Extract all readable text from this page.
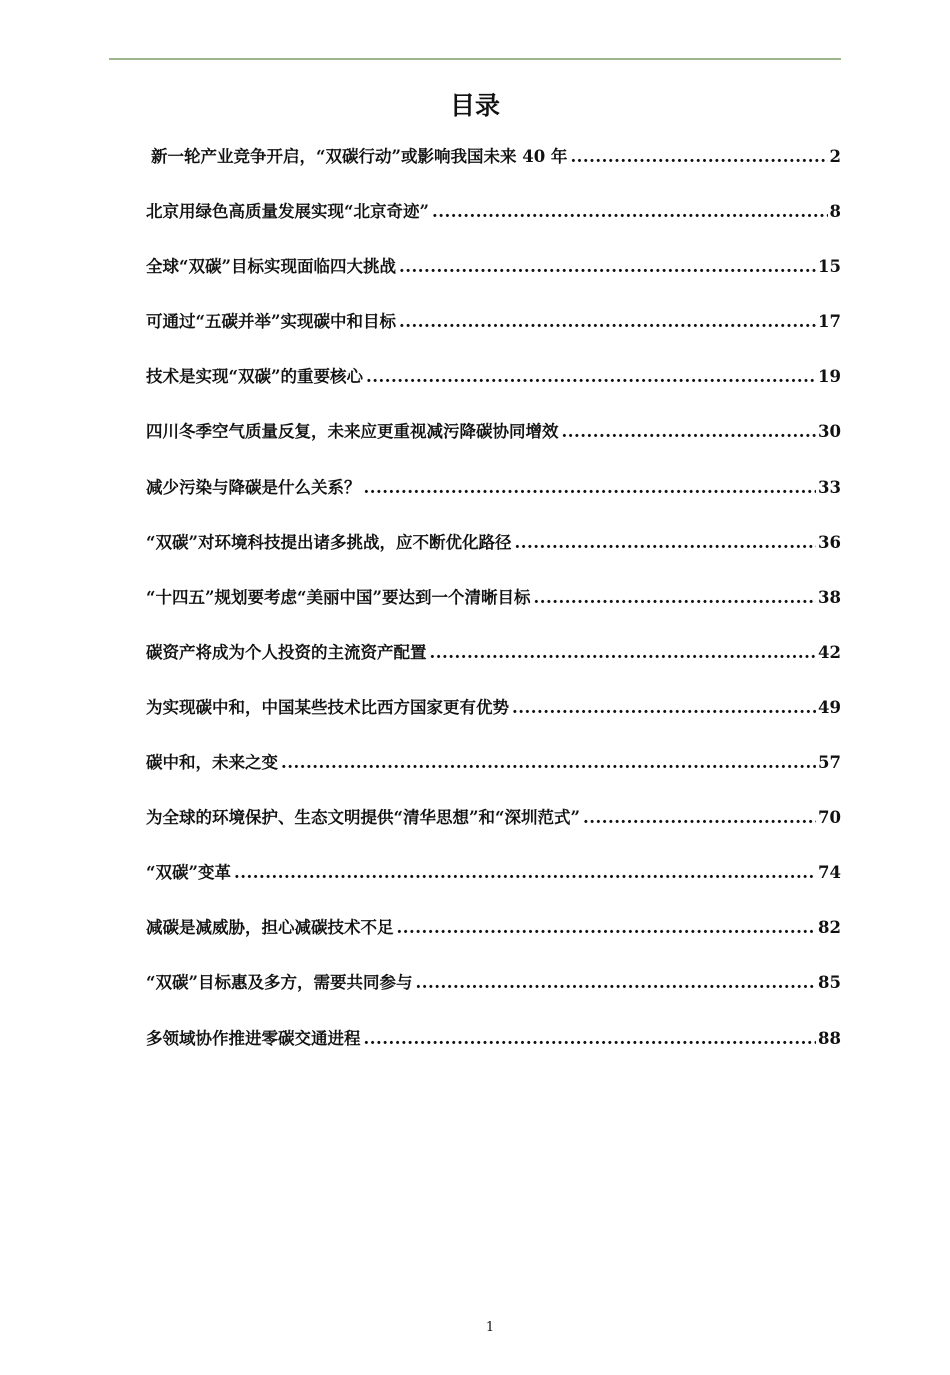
目录
新一轮产业竞争开启，“双碳行动”或影响我国未来 40 年 .....	2
北京用绿色高质量发展实现“北京奇迹” .....	8
全球“双碳”目标实现面临四大挑战 .....	15
可通过“五碳并举”实现碳中和目标 .....	17
技术是实现“双碳”的重要核心 .....	19
四川冬季空气质量反复，未来应更重视减污降碳协同增效 .....	30
减少污染与降碳是什么关系？ .....	33
“双碳”对环境科技提出诸多挑战，应不断优化路径 .....	36
“十四五”规划要考虑“美丽中国”要达到一个清晰目标 .....	38
碳资产将成为个人投资的主流资产配置 .....	42
为实现碳中和，中国某些技术比西方国家更有优势 .....	49
碳中和，未来之变 .....	57
为全球的环境保护、生态文明提供“清华思想”和“深圳范式” .....	70
“双碳”变革 .....	74
减碳是减威胁，担心减碳技术不足 .....	82
“双碳”目标惠及多方，需要共同参与 .....	85
多领域协作推进零碳交通进程 .....	88
1
